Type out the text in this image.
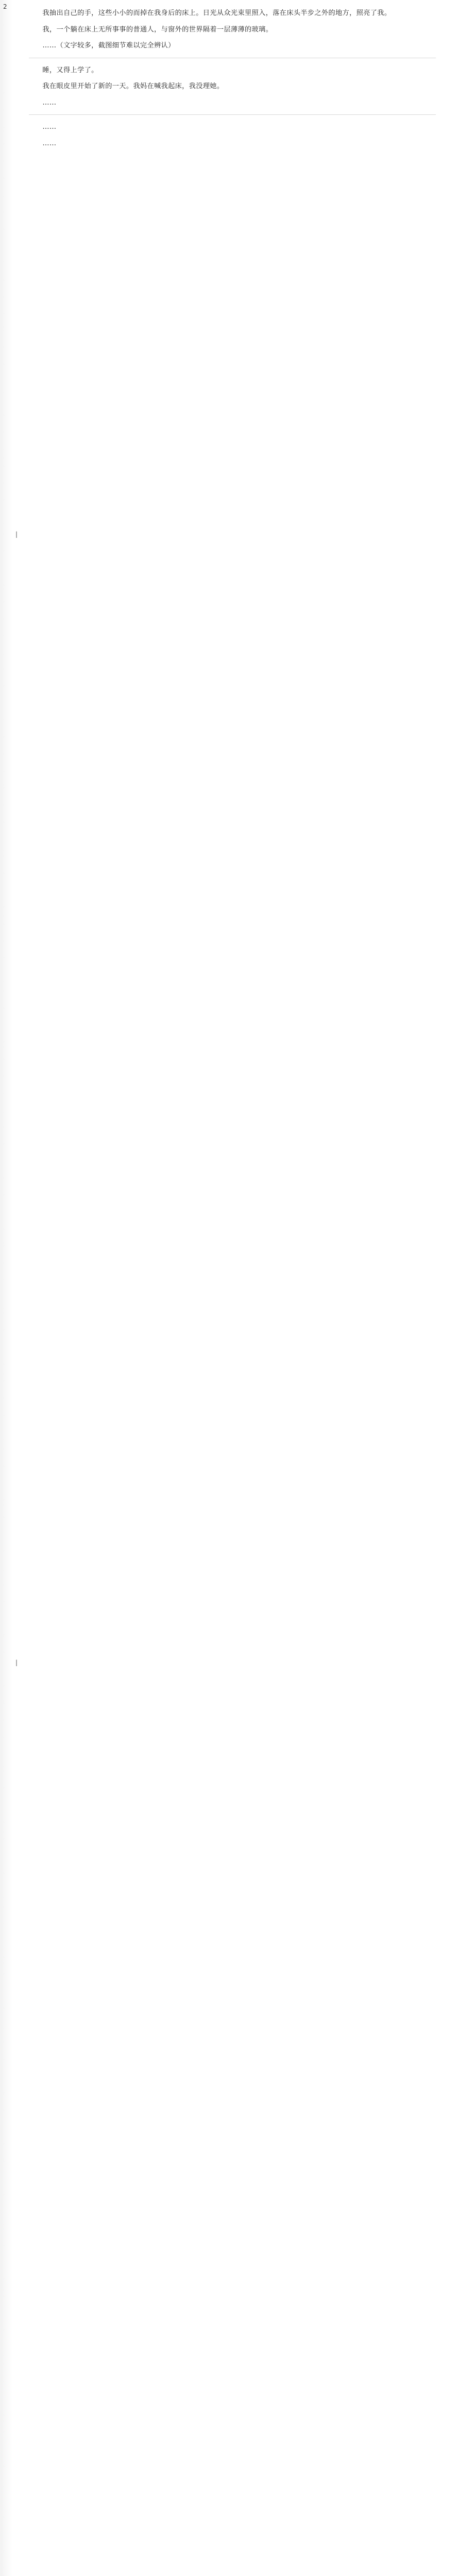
2

我抽出自己的手，这些小小的而掉在我身后的床上。日光从众光束里照入，落在床头半步之外的地方，照亮了我。

我，一个躺在床上无所事事的普通人，与窗外的世界隔着一层薄薄的玻璃。

……（文字较多，截图细节难以完全辨认）

睡，又得上学了。

我在眼皮里开始了新的一天。我妈在喊我起床，我没理她。

……

……

……

|
|
